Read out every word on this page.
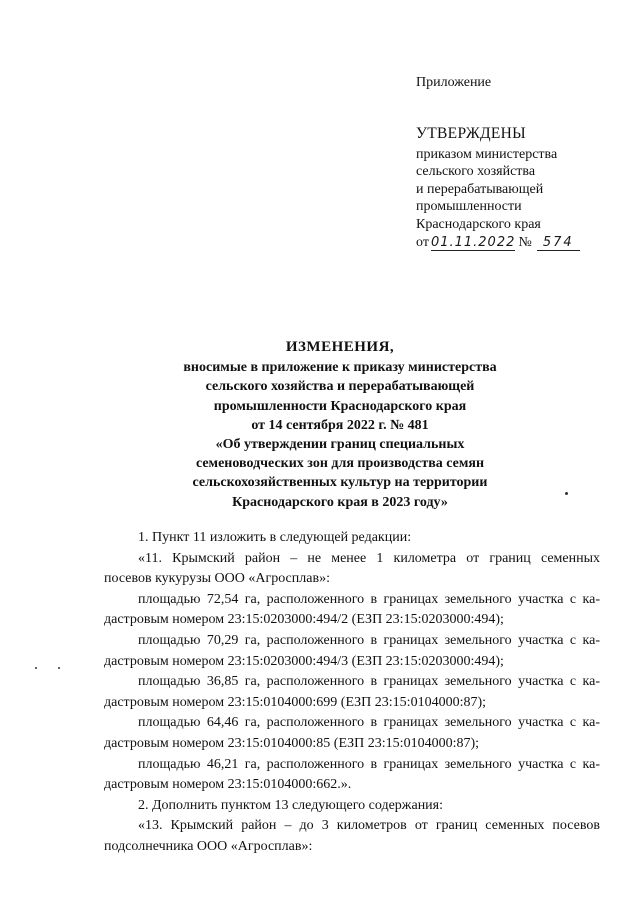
Приложение
УТВЕРЖДЕНЫ
приказом министерства
сельского хозяйства
и перерабатывающей
промышленности
Краснодарского края
от 01.11.2022 № 574
ИЗМЕНЕНИЯ,
вносимые в приложение к приказу министерства
сельского хозяйства и перерабатывающей
промышленности Краснодарского края
от 14 сентября 2022 г. № 481
«Об утверждении границ специальных
семеноводческих зон для производства семян
сельскохозяйственных культур на территории
Краснодарского края в 2023 году»
1. Пункт 11 изложить в следующей редакции:
«11. Крымский район – не менее 1 километра от границ семенных
посевов кукурузы ООО «Агросплав»:
площадью 72,54 га, расположенного в границах земельного участка с ка-
дастровым номером 23:15:0203000:494/2 (ЕЗП 23:15:0203000:494);
площадью 70,29 га, расположенного в границах земельного участка с ка-
дастровым номером 23:15:0203000:494/3 (ЕЗП 23:15:0203000:494);
площадью 36,85 га, расположенного в границах земельного участка с ка-
дастровым номером 23:15:0104000:699 (ЕЗП 23:15:0104000:87);
площадью 64,46 га, расположенного в границах земельного участка с ка-
дастровым номером 23:15:0104000:85 (ЕЗП 23:15:0104000:87);
площадью 46,21 га, расположенного в границах земельного участка с ка-
дастровым номером 23:15:0104000:662.».
2. Дополнить пунктом 13 следующего содержания:
«13. Крымский район – до 3 километров от границ семенных посевов
подсолнечника ООО «Агросплав»:
